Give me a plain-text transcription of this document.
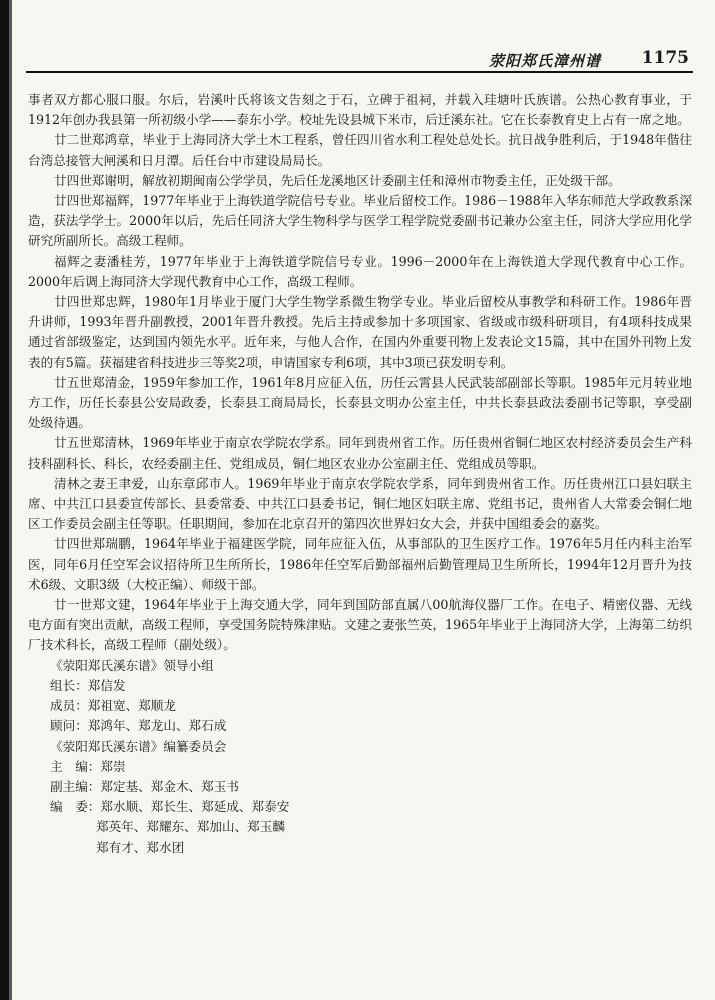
荥阳郑氏漳州谱 1175

事者双方都心服口服。尔后，岩溪叶氏将该文告刻之于石，立碑于祖祠，并载入珪塘叶氏族谱。公热心教育事业，于1912年创办我县第一所初级小学——泰东小学。校址先设县城下米市，后迁溪东社。它在长泰教育史上占有一席之地。

廿二世郑鸿章，毕业于上海同济大学土木工程系，曾任四川省水利工程处总处长。抗日战争胜利后，于1948年偕往台湾总接管大闸溪和日月潭。后任台中市建设局局长。

廿四世郑谢明，解放初期闽南公学学员，先后任龙溪地区计委副主任和漳州市物委主任，正处级干部。

廿四世郑福辉，1977年毕业于上海铁道学院信号专业。毕业后留校工作。1986－1988年入华东师范大学政教系深造，获法学学士。2000年以后，先后任同济大学生物科学与医学工程学院党委副书记兼办公室主任，同济大学应用化学研究所副所长。高级工程师。

福辉之妻潘桂芳，1977年毕业于上海铁道学院信号专业。1996－2000年在上海铁道大学现代教育中心工作。2000年后调上海同济大学现代教育中心工作，高级工程师。

廿四世郑忠辉，1980年1月毕业于厦门大学生物学系微生物学专业。毕业后留校从事教学和科研工作。1986年晋升讲师，1993年晋升副教授，2001年晋升教授。先后主持或参加十多项国家、省级或市级科研项目，有4项科技成果通过省部级鉴定，达到国内领先水平。近年来，与他人合作，在国内外重要刊物上发表论文15篇，其中在国外刊物上发表的有5篇。获福建省科技进步三等奖2项，申请国家专利6项，其中3项已获发明专利。

廿五世郑清金，1959年参加工作，1961年8月应征入伍，历任云霄县人民武装部副部长等职。1985年元月转业地方工作，历任长泰县公安局政委，长泰县工商局局长，长泰县文明办公室主任，中共长泰县政法委副书记等职，享受副处级待遇。

廿五世郑清林，1969年毕业于南京农学院农学系。同年到贵州省工作。历任贵州省铜仁地区农村经济委员会生产科技科副科长、科长，农经委副主任、党组成员，铜仁地区农业办公室副主任、党组成员等职。

清林之妻王聿爱，山东章邱市人。1969年毕业于南京农学院农学系，同年到贵州省工作。历任贵州江口县妇联主席、中共江口县委宣传部长、县委常委、中共江口县委书记，铜仁地区妇联主席、党组书记，贵州省人大常委会铜仁地区工作委员会副主任等职。任职期间，参加在北京召开的第四次世界妇女大会，并获中国组委会的嘉奖。

廿四世郑瑞鹏，1964年毕业于福建医学院，同年应征入伍，从事部队的卫生医疗工作。1976年5月任内科主治军医，同年6月任空军会议招待所卫生所所长，1986年任空军后勤部福州后勤管理局卫生所所长，1994年12月晋升为技术6级、文职3级（大校正编）、师级干部。

廿一世郑文建，1964年毕业于上海交通大学，同年到国防部直属八00航海仪器厂工作。在电子、精密仪器、无线电方面有突出贡献，高级工程师，享受国务院特殊津贴。文建之妻张竺英，1965年毕业于上海同济大学，上海第二纺织厂技术科长，高级工程师（副处级）。

《荥阳郑氏溪东谱》领导小组
组长：郑信发
成员：郑祖宽、郑顺龙
顾问：郑鸿年、郑龙山、郑石成
《荥阳郑氏溪东谱》编纂委员会
主　编：郑崇
副主编：郑定基、郑金木、郑玉书
编　委：郑水顺、郑长生、郑延成、郑泰安
郑英年、郑耀东、郑加山、郑玉麟
郑有才、郑水团
